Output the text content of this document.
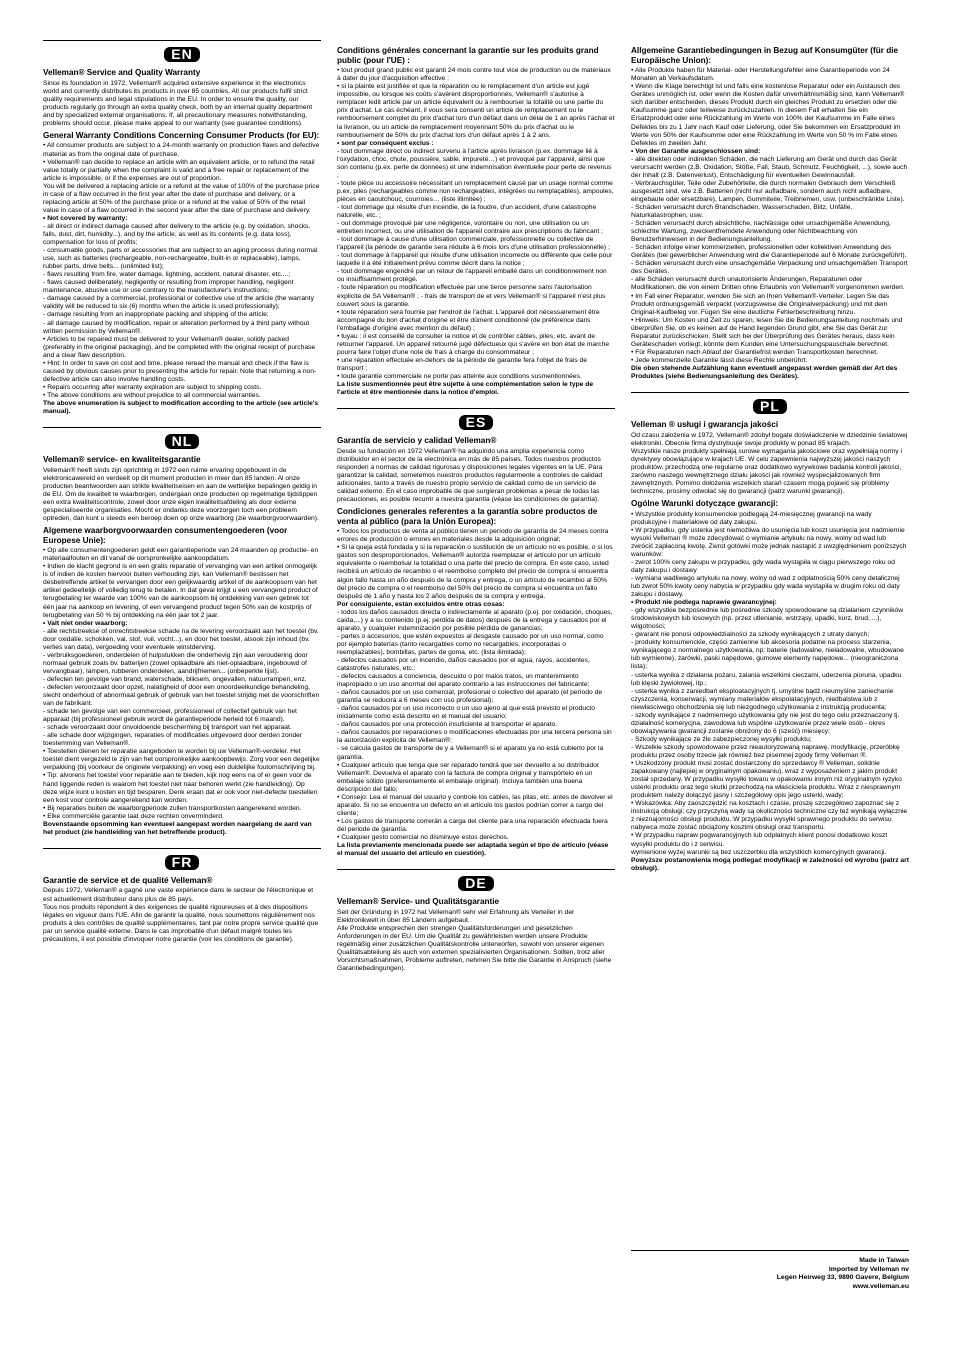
EN
Velleman® Service and Quality Warranty

Since its foundation in 1972, Velleman® acquired extensive experience in the electronics world and currently distributes its products in over 85 countries. All our products fulfil strict quality requirements and legal stipulations in the EU. In order to ensure the quality, our products regularly go through an extra quality check, both by an internal quality department and by specialized external organisations. If, all precautionary measures notwithstanding, problems should occur, please make appeal to our warranty (see guarantee conditions).

General Warranty Conditions Concerning Consumer Products (for EU):

• All consumer products are subject to a 24-month warranty on production flaws and defective material as from the original date of purchase.

• Velleman® can decide to replace an article with an equivalent article, or to refund the retail value totally or partially when the complaint is valid and a free repair or replacement of the article is impossible, or if the expenses are out of proportion.

You will be delivered a replacing article or a refund at the value of 100% of the purchase price in case of a flaw occurred in the first year after the date of purchase and delivery, or a replacing article at 50% of the purchase price or a refund at the value of 50% of the retail value in case of a flaw occurred in the second year after the date of purchase and delivery.

• Not covered by warranty:

- all direct or indirect damage caused after delivery to the article (e.g. by oxidation, shocks, falls, dust, dirt, humidity...), and by the article, as well as its contents (e.g. data loss), compensation for loss of profits;

- consumable goods, parts or accessories that are subject to an aging process during normal use, such as batteries (rechargeable, non-rechargeable, built-in or replaceable), lamps, rubber parts, drive belts... (unlimited list);

- flaws resulting from fire, water damage, lightning, accident, natural disaster, etc....;

- flaws caused deliberately, negligently or resulting from improper handling, negligent maintenance, abusive use or use contrary to the manufacturer's instructions;

- damage caused by a commercial, professional or collective use of the article (the warranty validity will be reduced to six (6) months when the article is used professionally);

- damage resulting from an inappropriate packing and shipping of the article;

- all damage caused by modification, repair or alteration performed by a third party without written permission by Velleman®.

• Articles to be repaired must be delivered to your Velleman® dealer, solidly packed (preferably in the original packaging), and be completed with the original receipt of purchase and a clear flaw description.

• Hint: In order to save on cost and time, please reread the manual and check if the flaw is caused by obvious causes prior to presenting the article for repair. Note that returning a non-defective article can also involve handling costs.

• Repairs occurring after warranty expiration are subject to shipping costs.

• The above conditions are without prejudice to all commercial warranties.

The above enumeration is subject to modification according to the article (see article's manual).

NL
Velleman® service- en kwaliteitsgarantie

Velleman® heeft sinds zijn oprichting in 1972 een ruime ervaring opgebouwd in de elektronicawereld en verdeelt op dit moment producten in meer dan 85 landen. Al onze producten beantwoorden aan strikte kwaliteitseisen en aan de wettelijke bepalingen geldig in de EU. Om de kwaliteit te waarborgen, ondergaan onze producten op regelmatige tijdstippen een extra kwaliteitscontrole, zowel door onze eigen kwaliteitsafdeling als door externe gespecialiseerde organisaties. Mocht er ondanks deze voorzorgen toch een probleem optreden, dan kunt u steeds een beroep doen op onze waarborg (zie waarborgvoorwaarden).

Algemene waarborgvoorwaarden consumentengoederen (voor Europese Unie):

• Op alle consumentengoederen geldt een garantieperiode van 24 maanden op productie- en materiaalfouten en dit vanaf de oorspronkelijke aankoopdatum.

• Indien de klacht gegrond is en een gratis reparatie of vervanging van een artikel onmogelijk is of indien de kosten hiervoor buiten verhouding zijn, kan Velleman® beslissen het desbetreffende artikel te vervangen door een gelijkwaardig artikel of de aankoopsom van het artikel gedeeltelijk of volledig terug te betalen. In dat geval krijgt u een vervangend product of terugbetaling ter waarde van 100% van de aankoopsom bij ontdekking van een gebrek tot één jaar na aankoop en levering, of een vervangend product tegen 50% van de kostprijs of terugbetaling van 50 % bij ontdekking na één jaar tot 2 jaar.

• Valt niet onder waarborg:

- alle rechtstreekse of onrechtstreekse schade na de levering veroorzaakt aan het toestel (bv. door oxidatie, schokken, val, stof, vuil, vocht...), en door het toestel, alsook zijn inhoud (bv. verlies van data), vergoeding voor eventuele winstderving.

- verbruiksgoederen, onderdelen of hulpstukken die onderhevig zijn aan veroudering door normaal gebruik zoals bv. batterijen (zowel oplaadbare als niet-oplaadbare, ingebouwd of vervangbaar), lampen, rubberen onderdelen, aandrijfriemen... (onbeperkte lijst).

- defecten ten gevolge van brand, waterschade, bliksem, ongevallen, natuurrampen, enz.

- defecten veroorzaakt door opzet, nalatigheid of door een onoordeelkundige behandeling, slecht onderhoud of abnormaal gebruik of gebruik van het toestel strijdig met de voorschriften van de fabrikant.

- schade ten gevolge van een commercieel, professioneel of collectief gebruik van het apparaat (bij professioneel gebruik wordt de garantieperiode herleid tot 6 maand).

- schade veroorzaakt door onvoldoende bescherming bij transport van het apparaat.

- alle schade door wijzigingen, reparaties of modificaties uitgevoerd door derden zonder toestemming van Velleman®.

• Toestellen dienen ter reparatie aangeboden te worden bij uw Velleman®-verdeler. Het toestel dient vergezeld te zijn van het oorspronkelijke aankoopbewijs. Zorg voor een degelijke verpakking (bij voorkeur de originele verpakking) en voeg een duidelijke foutomschrijving bij.

• Tip: alvorens het toestel voor reparatie aan te bieden, kijk nog eens na of er geen voor de hand liggende reden is waarom het toestel niet naar behoren werkt (zie handleiding). Op deze wijze kunt u kosten en tijd besparen. Denk eraan dat er ook voor niet-defecte toestellen een kost voor controle aangerekend kan worden.

• Bij reparaties buiten de waarborgperiode zullen transportkosten aangerekend worden.

• Elke commerciële garantie laat deze rechten onverminderd.

Bovenstaande opsomming kan eventueel aangepast worden naargelang de aard van het product (zie handleiding van het betreffende product).

FR
Garantie de service et de qualité Velleman®

Depuis 1972, Velleman® a gagné une vaste expérience dans le secteur de l'électronique et est actuellement distributeur dans plus de 85 pays.

Tous nos produits répondent à des exigences de qualité rigoureuses et à des dispositions légales en vigueur dans l'UE. Afin de garantir la qualité, nous soumettons régulièrement nos produits à des contrôles de qualité supplémentaires, tant par notre propre service qualité que par un service qualité externe. Dans le cas improbable d'un défaut malgré toutes les précautions, il est possible d'invoquer notre garantie (voir les conditions de garantie).

Conditions générales concernant la garantie sur les produits grand public (pour l'UE) :

• tout produit grand public est garanti 24 mois contre tout vice de production ou de matériaux à dater du jour d'acquisition effective ;

• si la plainte est justifiée et que la réparation ou le remplacement d'un article est jugé impossible, ou lorsque les coûts s'avèrent disproportionnés, Velleman® s'autorise à remplacer ledit article par un article équivalent ou à rembourser la totalité ou une partie du prix d'achat. Le cas échéant, il vous sera consenti un article de remplacement ou le remboursement complet du prix d'achat lors d'un défaut dans un délai de 1 an après l'achat et la livraison, ou un article de remplacement moyennant 50% du prix d'achat ou le remboursement de 50% du prix d'achat lors d'un défaut après 1 à 2 ans.

• sont par conséquent exclus :

- tout dommage direct ou indirect survenu à l'article après livraison (p.ex. dommage lié à l'oxydation, choc, chute, poussière, sable, impureté…) et provoqué par l'appareil, ainsi que son contenu (p.ex. perte de données) et une indemnisation éventuelle pour perte de revenus ;

- toute pièce ou accessoire nécessitant un remplacement causé par un usage normal comme p.ex. piles (rechargeables comme non rechargeables, intégrées ou remplaçables), ampoules, pièces en caoutchouc, courroies… (liste illimitée) ;

- tout dommage qui résulte d'un incendie, de la foudre, d'un accident, d'une catastrophe naturelle, etc. ;

- out dommage provoqué par une négligence, volontaire ou non, une utilisation ou un entretien incorrect, ou une utilisation de l'appareil contraire aux prescriptions du fabricant ;

- tout dommage à cause d'une utilisation commerciale, professionnelle ou collective de l'appareil (la période de garantie sera réduite à 6 mois lors d'une utilisation professionnelle) ;

- tout dommage à l'appareil qui résulte d'une utilisation incorrecte ou différente que celle pour laquelle il a été initialement prévu comme décrit dans la notice ;

- tout dommage engendré par un retour de l'appareil emballé dans un conditionnement non ou insuffisamment protégé.

- toute réparation ou modification effectuée par une tierce personne sans l'autorisation explicite de SA Velleman® ; - frais de transport de et vers Velleman® si l'appareil n'est plus couvert sous la garantie.

• toute réparation sera fournie par l'endroit de l'achat. L'appareil doit nécessairement être accompagné du bon d'achat d'origine et être dûment conditionné (de préférence dans l'emballage d'origine avec mention du défaut) ;

• tuyau : il est conseillé de consulter la notice et de contrôler câbles, piles, etc. avant de retourner l'appareil. Un appareil retourné jugé défectueux qui s'avère en bon état de marche pourra faire l'objet d'une note de frais à charge du consommateur ;

• une réparation effectuée en-dehors de la période de garantie fera l'objet de frais de transport ;

• toute garantie commerciale ne porte pas atteinte aux conditions susmentionnées.

La liste susmentionnée peut être sujette à une complémentation selon le type de l'article et être mentionnée dans la notice d'emploi.

ES
Garantía de servicio y calidad Velleman®

Desde su fundación en 1972 Velleman® ha adquirido una amplia experiencia como distribuidor en el sector de la electrónica en más de 85 países. Todos nuestros productos responden a normas de calidad rigurosas y disposiciones legales vigentes en la UE. Para garantizar la calidad, sometemos nuestros productos regularmente a controles de calidad adicionales, tanto a través de nuestro propio servicio de calidad como de un servicio de calidad externo. En el caso improbable de que surgieran problemas a pesar de todas las precauciones, es posible recurrir a nuestra garantía (véase las condiciones de garantía).

Condiciones generales referentes a la garantía sobre productos de venta al público (para la Unión Europea):

• Todos los productos de venta al público tienen un período de garantía de 24 meses contra errores de producción o errores en materiales desde la adquisición original;

• Si la queja está fundada y si la reparación o sustitución de un artículo no es posible, o si los gastos son desproporcionados, Velleman® autoriza reemplazar el artículo por un artículo equivalente o reembolsar la totalidad o una parte del precio de compra. En este caso, usted recibirá un artículo de recambio o el reembolso completo del precio de compra si encuentra algún fallo hasta un año después de la compra y entrega, o un artículo de recambio al 50% del precio de compra o el reembolso del 50% del precio de compra si encuentra un fallo después de 1 año y hasta los 2 años después de la compra y entrega.

Por consiguiente, están excluidos entre otras cosas:

- todos los daños causados directa o indirectamente al aparato (p.ej. por oxidación, choques, caída,...) y a su contenido (p.ej. pérdida de datos) después de la entrega y causados por el aparato, y cualquier indemnización por posible pérdida de ganancias;

- partes o accesorios, que estén expuestos al desgaste causado por un uso normal, como por ejemplo baterías (tanto recargables como no recargables, incorporadas o reemplazables), bombillas, partes de goma, etc. (lista ilimitada);

- defectos causados por un incendio, daños causados por el agua, rayos, accidentes, catástrofes naturales, etc.;

- defectos causados a conciencia, descuido o por malos tratos, un mantenimiento inapropiado o un uso anormal del aparato contrario a las instrucciones del fabricante;

- daños causados por un uso comercial, profesional o colectivo del aparato (el período de garantía se reducirá a 6 meses con uso profesional);

- daños causados por un uso incorrecto o un uso ajeno al que está previsto el producto inicialmente como está descrito en el manual del usuario;

- daños causados por una protección insuficiente al transportar el aparato.

- daños causados por reparaciones o modificaciones efectuadas por una tercera persona sin la autorización explícita de Velleman®;

- se calcula gastos de transporte de y a Velleman® si el aparato ya no está cubierto por la garantía.

• Cualquier artículo que tenga que ser reparado tendrá que ser devuelto a su distribuidor Velleman®. Devuelva el aparato con la factura de compra original y transpórtelo en un embalaje sólido (preferentemente el embalaje original). Incluya también una buena descripción del fallo;

• Consejo: Lea el manual del usuario y controle los cables, las pilas, etc. antes de devolver el aparato. Si no se encuentra un defecto en el artículo los gastos podrían correr a cargo del cliente;

• Los gastos de transporte correrán a carga del cliente para una reparación efectuada fuera del periode de garantía.

• Cualquier gesto comercial no disminuye estos derechos.

La lista previamente mencionada puede ser adaptada según el tipo de artículo (véase el manual del usuario del artículo en cuestión).

DE
Velleman® Service- und Qualitätsgarantie

Seit der Gründung in 1972 hat Velleman® sehr viel Erfahrung als Verteiler in der Elektronikwelt in über 85 Ländern aufgebaut.

Alle Produkte entsprechen den strengen Qualitätsforderungen und gesetzlichen Anforderungen in der EU. Um die Qualität zu gewährleisten werden unsere Produkte regelmäßig einer zusätzlichen Qualitätskontrolle unterworfen, sowohl von unserer eigenen Qualitätsabteilung als auch von externen spezialisierten Organisationen. Sollten, trotz aller Vorsichtsmaßnahmen, Probleme auftreten, nehmen Sie bitte die Garantie in Anspruch (siehe Garantiebedingungen).

Allgemeine Garantiebedingungen in Bezug auf Konsumgüter (für die Europäische Union):

• Alle Produkte haben für Material- oder Herstellungsfehler eine Garantieperiode von 24 Monaten ab Verkaufsdatum.

• Wenn die Klage berechtigt ist und falls eine kostenlose Reparatur oder ein Austausch des Gerätes unmöglich ist, oder wenn die Kosten dafür unverhältnismäßig sind, kann Velleman® sich darüber entscheiden, dieses Produkt durch ein gleiches Produkt zu ersetzen oder die Kaufsumme ganz oder teilweise zurückzuzahlen. In diesem Fall erhalten Sie ein Ersatzprodukt oder eine Rückzahlung im Werte von 100% der Kaufsumme im Falle eines Defektes bis zu 1 Jahr nach Kauf oder Lieferung, oder Sie bekommen ein Ersatzprodukt im Werte von 50% der Kaufsumme oder eine Rückzahlung im Werte von 50 % im Falle eines Defektes im zweiten Jahr.

• Von der Garantie ausgeschlossen sind:

- alle direkten oder indirekten Schäden, die nach Lieferung am Gerät und durch das Gerät verursacht werden (z.B. Oxidation, Stöße, Fall, Staub, Schmutz, Feuchtigkeit, ...), sowie auch der Inhalt (z.B. Datenverlust), Entschädigung für eventuellen Gewinnausfall.

- Verbrauchsgüter, Teile oder Zubehörteile, die durch normalen Gebrauch dem Verschleiß ausgesetzt sind, wie z.B. Batterien (nicht nur aufladbare, sondern auch nicht aufladbare, eingebaute oder ersetzbare), Lampen, Gummiteile, Treibriemen, usw. (unbeschränkte Liste).

- Schäden verursacht durch Brandschaden, Wasserschaden, Blitz, Unfälle, Naturkatastrophen, usw.

- Schäden verursacht durch absichtliche, nachlässige oder unsachgemäße Anwendung, schlechte Wartung, zweckentfremdete Anwendung oder Nichtbeachtung von Benutzerhinweisen in der Bedienungsanleitung.

- Schäden infolge einer kommerziellen, professionellen oder kollektiven Anwendung des Gerätes (bei gewerblicher Anwendung wird die Garantieperiode auf 6 Monate zurückgeführt).

- Schäden verursacht durch eine unsachgemäße Verpackung und unsachgemäßen Transport des Gerätes.

- alle Schäden verursacht durch unautorisierte Änderungen, Reparaturen oder Modifikationen, die von einem Dritten ohne Erlaubnis von Velleman® vorgenommen werden.

• Im Fall einer Reparatur, wenden Sie sich an Ihren Velleman®-Verteiler. Legen Sie das Produkt ordnungsgemäß verpackt (vorzugsweise die Originalverpackung) und mit dem Original-Kaufbeleg vor. Fügen Sie eine deutliche Fehlerbeschreibung hinzu.

• Hinweis: Um Kosten und Zeit zu sparen, lesen Sie die Bedienungsanleitung nochmals und überprüfen Sie, ob es keinen auf de Hand liegenden Grund gibt, ehe Sie das Gerät zur Reparatur zurückschicken. Stellt sich bei der Überprüfung des Gerätes heraus, dass kein Geräteschaden vorliegt, könnte dem Kunden eine Untersuchungspauschale berechnet.

• Für Reparaturen nach Ablauf der Garantiefrist werden Transportkosten berechnet.

• Jede kommerzielle Garantie lässt diese Rechte unberührt.

Die oben stehende Aufzählung kann eventuell angepasst werden gemäß der Art des Produktes (siehe Bedienungsanleitung des Gerätes).

PL
Velleman ® usługi i gwarancja jakości

Od czasu założenia w 1972, Velleman® zdobył bogate doświadczenie w dziedzinie światowej elektroniki. Obecnie firma dystrybuuje swoje produkty w ponad 85 krajach.

Wszystkie nasze produkty spełniają surowe wymagania jakościowe oraz wypełniają normy i dyrektywy obowiązujące w krajach UE. W celu zapewnienia najwyższej jakości naszych produktów, przechodzą one regularne oraz dodatkowo wyrywkowe badania kontroli jakości, zarówno naszego wewnętrznego działu jakości jak również wyspecjalizowanych firm zewnętrznych. Pomimo dołożenia wszelkich starań czasem mogą pojawić się problemy techniczne, prosimy odwołać się do gwarancji (patrz warunki gwarancji).

Ogólne Warunki dotyczące gwarancji:

• Wszystkie produkty konsumenckie podlegają 24-miesięcznej gwarancji na wady produkcyjne i materiałowe od daty zakupu.

• W przypadku, gdy usterka jest niemożliwa do usunięcia lub koszt usunięcia jest nadmiernie wysoki Velleman ® może zdecydować o wymianie artykułu na nowy, wolny od wad lub zwrócić zapłaconą kwotę. Zwrot gotówki może jednak nastąpić z uwzględnieniem poniższych warunków:

- zwrot 100% ceny zakupu w przypadku, gdy wada wystąpiła w ciągu pierwszego roku od daty zakupu i dostawy

- wymiana wadliwego artykułu na nowy, wolny od wad z odpłatnością 50% ceny detalicznej lub zwrot 50% kwoty ceny nabycia w przypadku gdy wada wystąpiła w drugim roku od daty zakupu i dostawy.

• Produkt nie podlega naprawie gwarancyjnej:

- gdy wszystkie bezpośrednie lub pośrednie szkody spowodowane są działaniem czynników środowiskowych lub losowych (np. przez utlenianie, wstrząsy, upadki, kurz, brud, ...), wilgotności;

- gwarant nie ponosi odpowiedzialności za szkody wynikających z utraty danych;

- produkty konsumenckie, części zamienne lub akcesoria podatne na process starzenia, wynikającego z normalnego użytkowania, np: baterie (ładowalne, nieładowalne, wbudowane lub wymienne), żarówki, paski napędowe, gumowe elementy napędowe... (nieograniczona lista);

- usterka wynika z działania pożaru, zalania wszelkimi cieczami, uderzenia pioruna, upadku lub klęski żywiołowej, itp.;

- usterka wynika z zaniedbań eksploatacyjnych tj. umyślne bądź nieumyślne zaniechanie czyszczenia, konserwacji, wymiany materiałów ekspolatacyjnych, niedbalstwa lub z niewłaściwego obchodzenia się lub niezgodnego użytkowania z instrukcją producenta;

- szkody wynikające z nadmiernego użytkowania gdy nie jest do tego celu przeznaczony tj. działalność komerycjna, zawodowa lub wspólne użytkowanie przez wiele osób - okres obowiązywania gwarancji zostanie obniżony do 6 (sześć) miesięcy;

- Szkody wynikające ze źle zabezpieczonej wysyłki produktu;

- Wszelkie szkody spowodowane przez nieautoryzowaną naprawę, modyfikację, przeróbkę produktu przez osoby trzecie jak również bez pisemnej zgody firmy Velleman ®.

• Uszkodzony produkt musi zostać dostarczony do sprzedawcy ® Velleman, solidnie zapakowany (najlepiej w oryginalnym opakowaniu), wraz z wyposażeniem z jakim produkt został sprzedany. W przypadku wysyłki towaru w opakowaniu innym niż oryginalnym ryzyko usterki produktu oraz tego skutki przechodzą na właściciela produktu. Wraz z niesprawnym produktem należy dołączyć jasny i szczegółowy opis jego usterki, wady;

• Wskazówka: Aby zaoszczędzić na kosztach i czasie, proszę szczegółowo zapoznać się z instrukcją obsługi; czy przyczyną wady są okoliczności techniczne czy też wynikają wyłącznie z nieznajomości obsługi produktu. W przypadku wysyłki sprawnego produktu do serwisu nabywca może zostać obciążony kosztmi obsługi oraz transportu.

• W przypadku napraw pogwarancyjnych lub odpłatnych klient ponosi dodatkowo koszt wysyłki produktu do i z serwisu.

wymienione wyżej warunki są bez uszczerbku dla wszystkich komercyjnych gwarancji.

Powyższe postanowienia mogą podlegać modyfikacji w zależności od wyrobu (patrz art obsługi).

Made in Taiwan

Imported by Velleman nv

Legen Heirweg 33, 9890 Gavere, Belgium

www.velleman.eu
